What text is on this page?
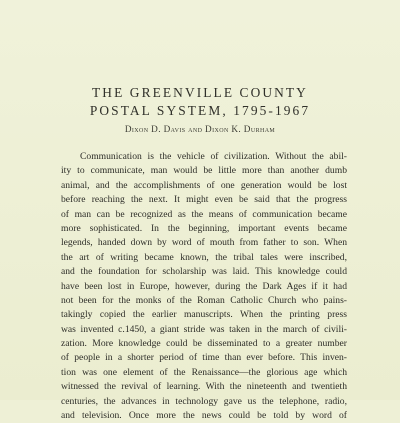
THE GREENVILLE COUNTY
POSTAL SYSTEM, 1795-1967
Dixon D. Davis and Dixon K. Durham
Communication is the vehicle of civilization. Without the abil-
ity to communicate, man would be little more than another dumb
animal, and the accomplishments of one generation would be lost
before reaching the next. It might even be said that the progress
of man can be recognized as the means of communication became
more sophisticated. In the beginning, important events became
legends, handed down by word of mouth from father to son. When
the art of writing became known, the tribal tales were inscribed,
and the foundation for scholarship was laid. This knowledge could
have been lost in Europe, however, during the Dark Ages if it had
not been for the monks of the Roman Catholic Church who pains-
takingly copied the earlier manuscripts. When the printing press
was invented c.1450, a giant stride was taken in the march of civili-
zation. More knowledge could be disseminated to a greater number
of people in a shorter period of time than ever before. This inven-
tion was one element of the Renaissance—the glorious age which
witnessed the revival of learning. With the nineteenth and twentieth
centuries, the advances in technology gave us the telephone, radio,
and television. Once more the news could be told by word of
